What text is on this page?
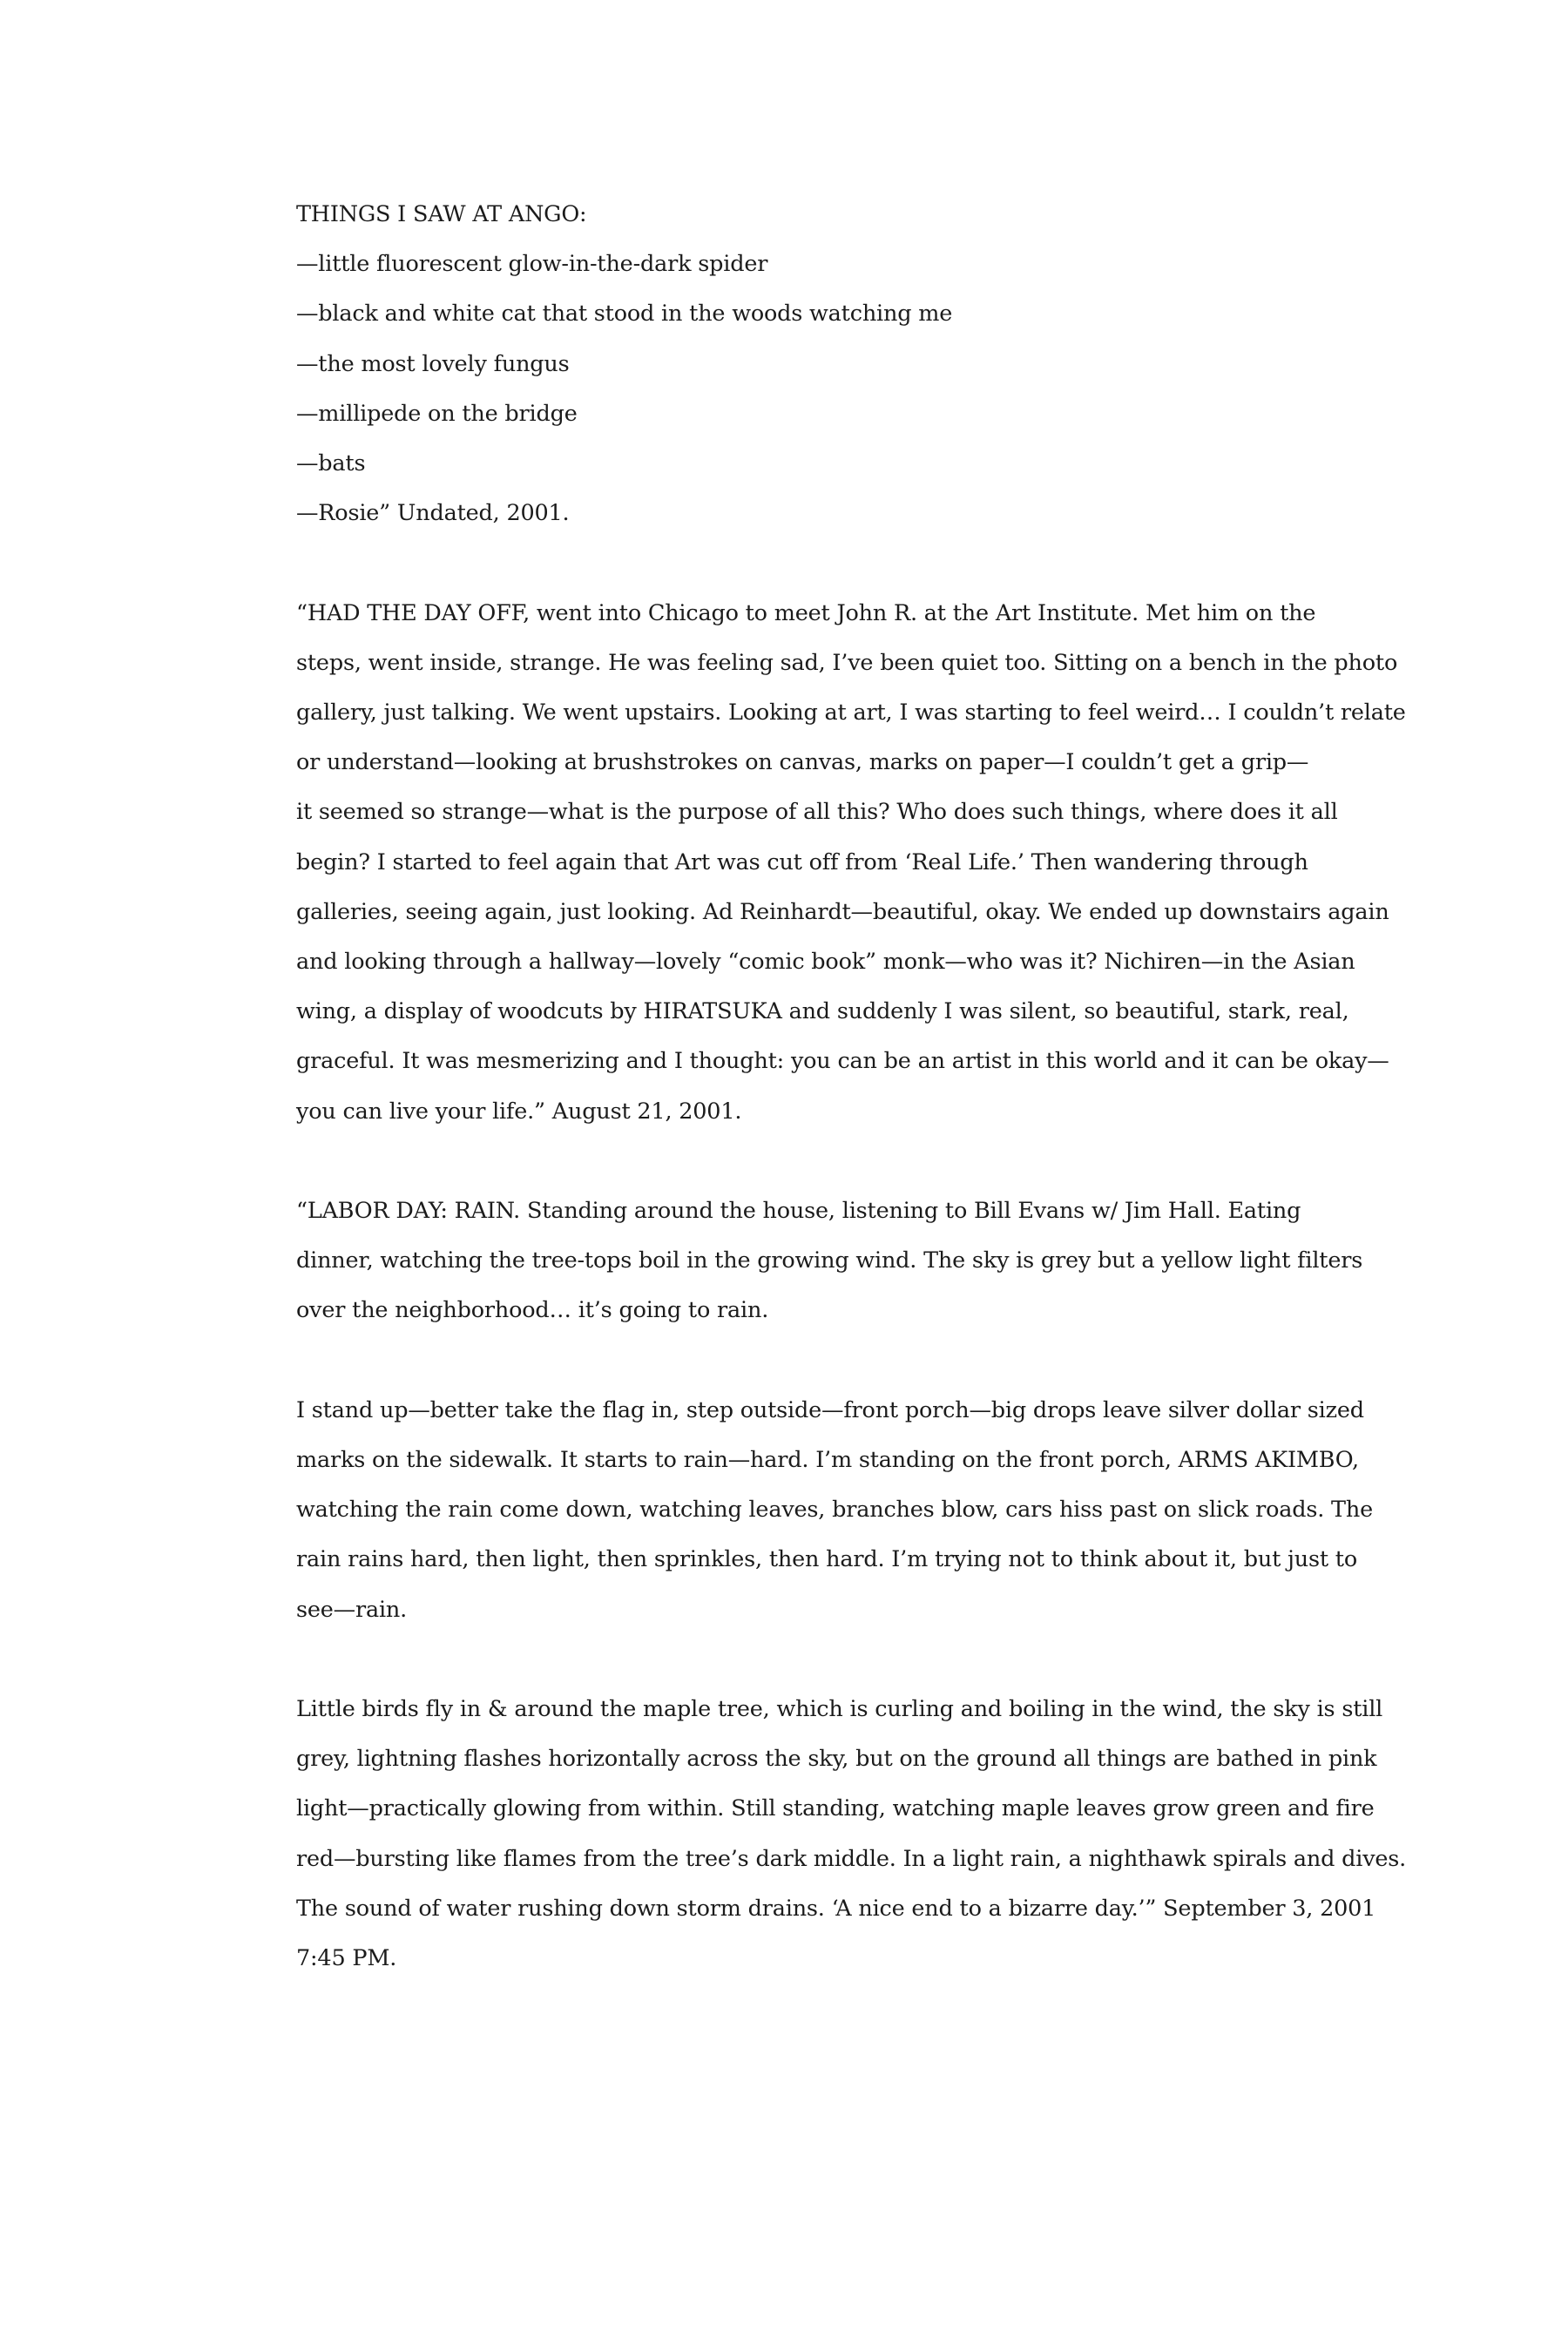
THINGS I SAW AT ANGO:
—little fluorescent glow-in-the-dark spider
—black and white cat that stood in the woods watching me
—the most lovely fungus
—millipede on the bridge
—bats
—Rosie” Undated, 2001.
“HAD THE DAY OFF, went into Chicago to meet John R. at the Art Institute. Met him on the
steps, went inside, strange. He was feeling sad, I’ve been quiet too. Sitting on a bench in the photo
gallery, just talking. We went upstairs. Looking at art, I was starting to feel weird… I couldn’t relate
or understand—looking at brushstrokes on canvas, marks on paper—I couldn’t get a grip—
it seemed so strange—what is the purpose of all this? Who does such things, where does it all
begin? I started to feel again that Art was cut off from ‘Real Life.’ Then wandering through
galleries, seeing again, just looking. Ad Reinhardt—beautiful, okay. We ended up downstairs again
and looking through a hallway—lovely “comic book” monk—who was it? Nichiren—in the Asian
wing, a display of woodcuts by HIRATSUKA and suddenly I was silent, so beautiful, stark, real,
graceful. It was mesmerizing and I thought: you can be an artist in this world and it can be okay—
you can live your life.” August 21, 2001.
“LABOR DAY: RAIN. Standing around the house, listening to Bill Evans w/ Jim Hall. Eating
dinner, watching the tree-tops boil in the growing wind. The sky is grey but a yellow light filters
over the neighborhood… it’s going to rain.
I stand up—better take the flag in, step outside—front porch—big drops leave silver dollar sized
marks on the sidewalk. It starts to rain—hard. I’m standing on the front porch, ARMS AKIMBO,
watching the rain come down, watching leaves, branches blow, cars hiss past on slick roads. The
rain rains hard, then light, then sprinkles, then hard. I’m trying not to think about it, but just to
see—rain.
Little birds fly in & around the maple tree, which is curling and boiling in the wind, the sky is still
grey, lightning flashes horizontally across the sky, but on the ground all things are bathed in pink
light—practically glowing from within. Still standing, watching maple leaves grow green and fire
red—bursting like flames from the tree’s dark middle. In a light rain, a nighthawk spirals and dives.
The sound of water rushing down storm drains. ‘A nice end to a bizarre day.’” September 3, 2001
7:45 PM.
